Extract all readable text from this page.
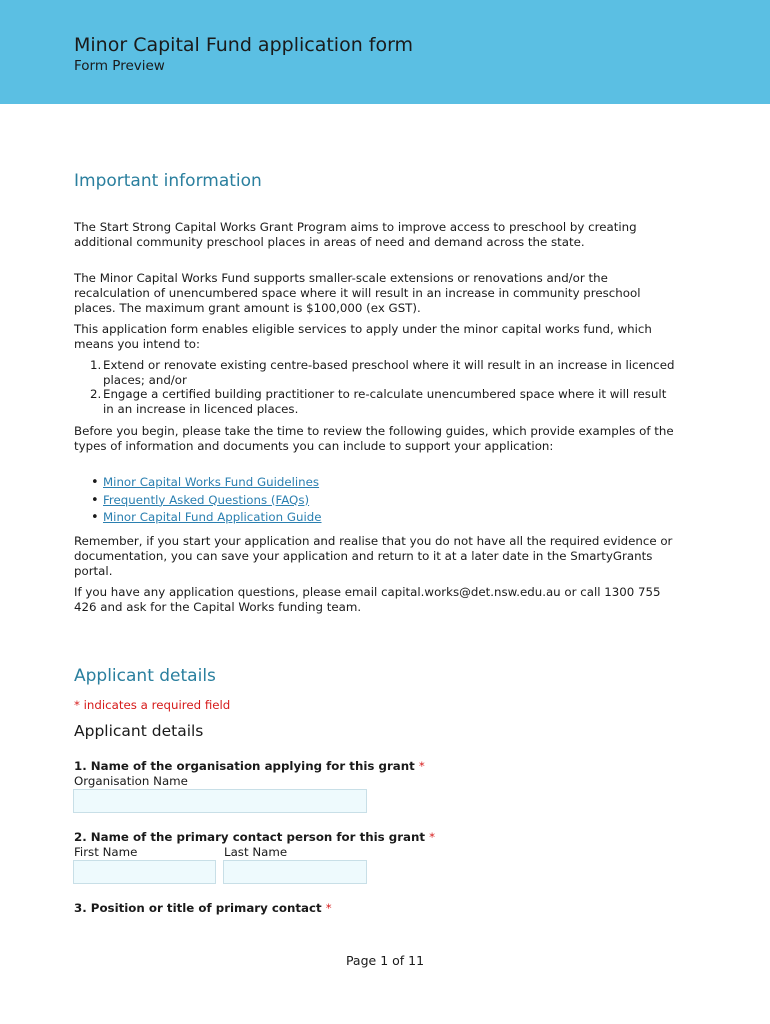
Minor Capital Fund application form
Form Preview
Important information
The Start Strong Capital Works Grant Program aims to improve access to preschool by creating additional community preschool places in areas of need and demand across the state.
The Minor Capital Works Fund supports smaller-scale extensions or renovations and/or the recalculation of unencumbered space where it will result in an increase in community preschool places. The maximum grant amount is $100,000 (ex GST).
This application form enables eligible services to apply under the minor capital works fund, which means you intend to:
1. Extend or renovate existing centre-based preschool where it will result in an increase in licenced places; and/or
2. Engage a certified building practitioner to re-calculate unencumbered space where it will result in an increase in licenced places.
Before you begin, please take the time to review the following guides, which provide examples of the types of information and documents you can include to support your application:
• Minor Capital Works Fund Guidelines
• Frequently Asked Questions (FAQs)
• Minor Capital Fund Application Guide
Remember, if you start your application and realise that you do not have all the required evidence or documentation, you can save your application and return to it at a later date in the SmartyGrants portal.
If you have any application questions, please email capital.works@det.nsw.edu.au or call 1300 755 426 and ask for the Capital Works funding team.
Applicant details
* indicates a required field
Applicant details
1. Name of the organisation applying for this grant *
Organisation Name
2. Name of the primary contact person for this grant *
First Name	Last Name
3. Position or title of primary contact *
Page 1 of 11
